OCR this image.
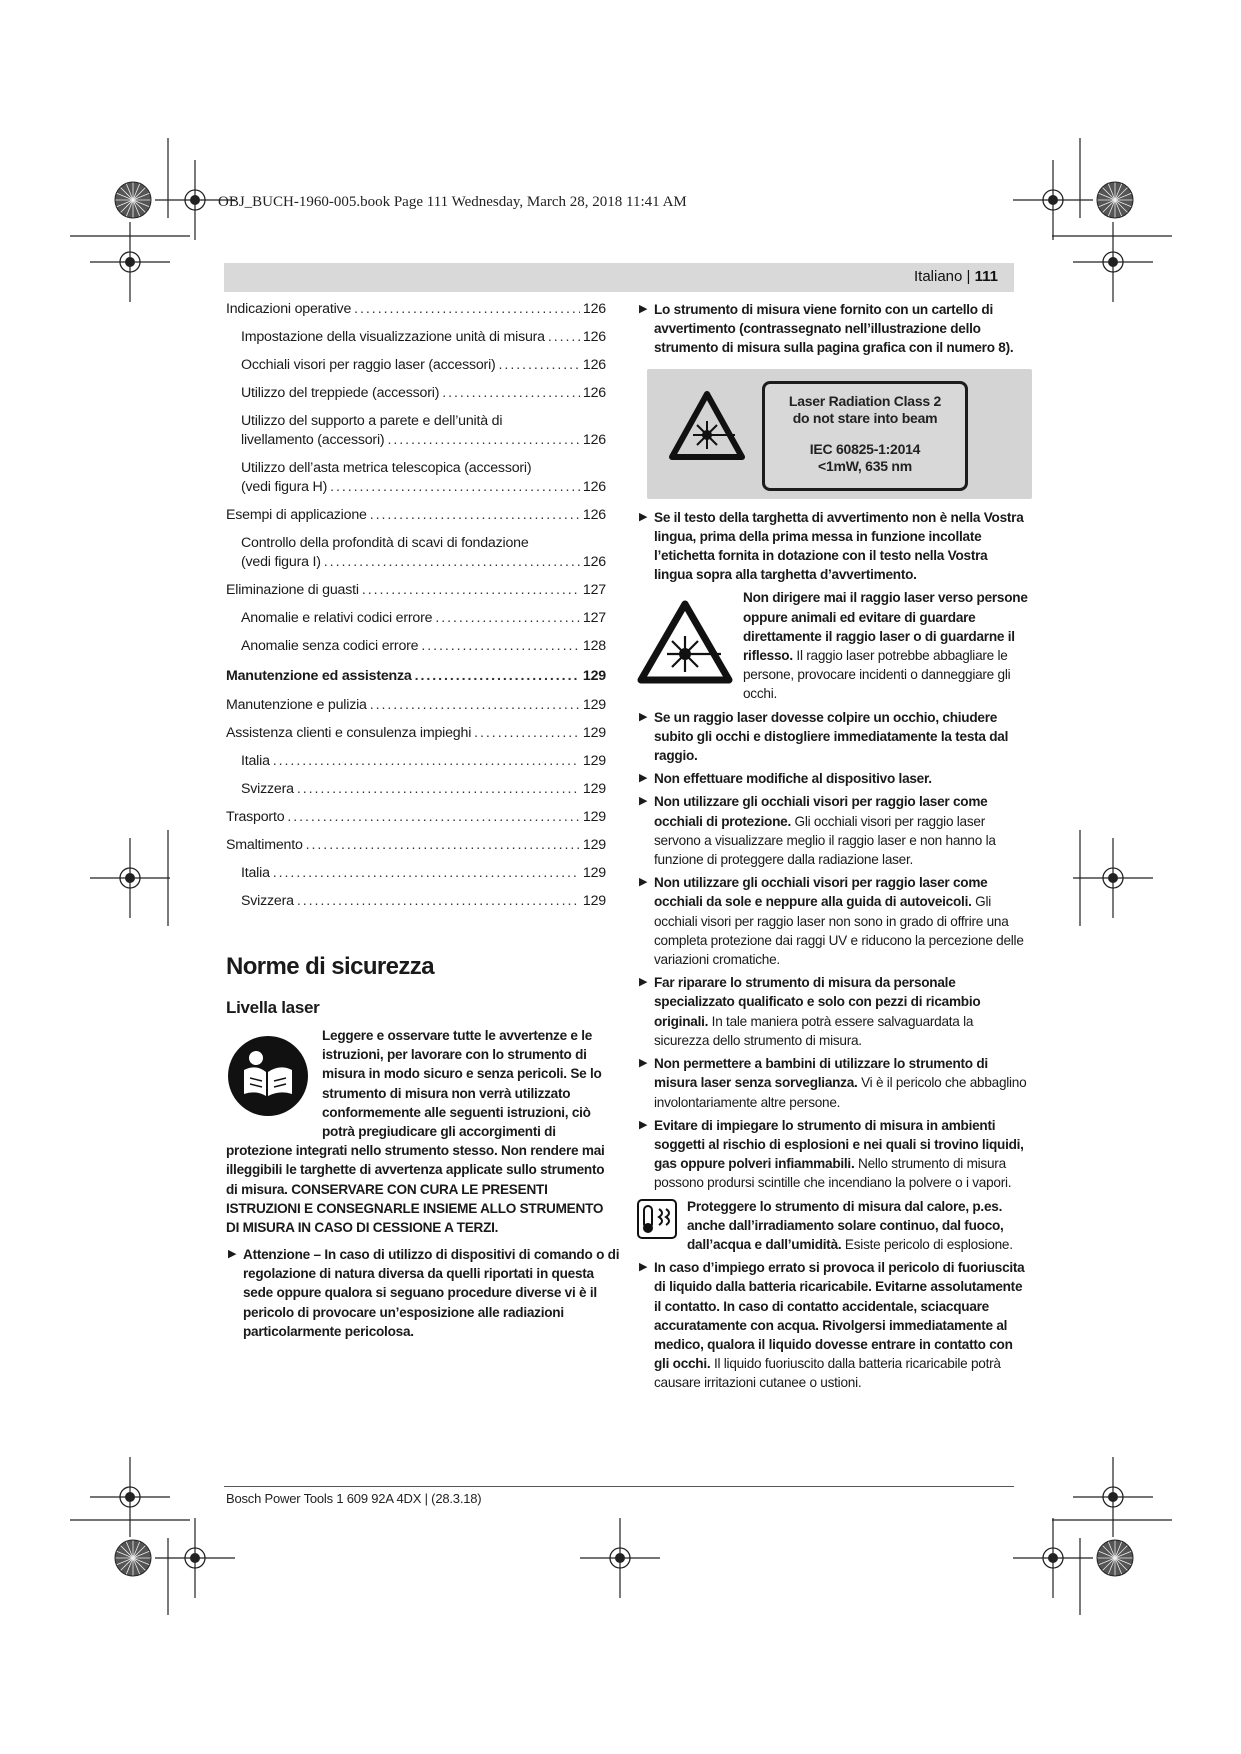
OBJ_BUCH-1960-005.book Page 111 Wednesday, March 28, 2018 11:41 AM
Italiano | 111
Indicazioni operative . . .	126
Impostazione della visualizzazione unità di misura . . .	126
Occhiali visori per raggio laser (accessori) . . .	126
Utilizzo del treppiede (accessori) . . .	126
Utilizzo del supporto a parete e dell’unità di
livellamento (accessori) . . .	126
Utilizzo dell’asta metrica telescopica (accessori)
(vedi figura H) . . .	126
Esempi di applicazione . . .	126
Controllo della profondità di scavi di fondazione
(vedi figura I) . . .	126
Eliminazione di guasti . . .	127
Anomalie e relativi codici errore . . .	127
Anomalie senza codici errore . . .	128
Manutenzione ed assistenza . . .	129
Manutenzione e pulizia . . .	129
Assistenza clienti e consulenza impieghi . . .	129
Italia . . .	129
Svizzera . . .	129
Trasporto . . .	129
Smaltimento . . .	129
Italia . . .	129
Svizzera . . .	129
Norme di sicurezza
Livella laser
Leggere e osservare tutte le avvertenze e le istruzioni, per lavorare con lo strumento di misura in modo sicuro e senza pericoli. Se lo strumento di misura non verrà utilizzato conformemente alle seguenti istruzioni, ciò potrà pregiudicare gli accorgimenti di protezione integrati nello strumento stesso. Non rendere mai illeggibili le targhette di avvertenza applicate sullo strumento di misura. CONSERVARE CON CURA LE PRESENTI ISTRUZIONI E CONSEGNARLE INSIEME ALLO STRUMENTO DI MISURA IN CASO DI CESSIONE A TERZI.
▶ Attenzione – In caso di utilizzo di dispositivi di comando o di regolazione di natura diversa da quelli riportati in questa sede oppure qualora si seguano procedure diverse vi è il pericolo di provocare un’esposizione alle radiazioni particolarmente pericolosa.
▶ Lo strumento di misura viene fornito con un cartello di avvertimento (contrassegnato nell’illustrazione dello strumento di misura sulla pagina grafica con il numero 8).
Laser Radiation Class 2
do not stare into beam
IEC 60825-1:2014
<1mW, 635 nm
▶ Se il testo della targhetta di avvertimento non è nella Vostra lingua, prima della prima messa in funzione incollate l’etichetta fornita in dotazione con il testo nella Vostra lingua sopra alla targhetta d’avvertimento.
Non dirigere mai il raggio laser verso persone oppure animali ed evitare di guardare direttamente il raggio laser o di guardarne il riflesso. Il raggio laser potrebbe abbagliare le persone, provocare incidenti o danneggiare gli occhi.
▶ Se un raggio laser dovesse colpire un occhio, chiudere subito gli occhi e distogliere immediatamente la testa dal raggio.
▶ Non effettuare modifiche al dispositivo laser.
▶ Non utilizzare gli occhiali visori per raggio laser come occhiali di protezione. Gli occhiali visori per raggio laser servono a visualizzare meglio il raggio laser e non hanno la funzione di proteggere dalla radiazione laser.
▶ Non utilizzare gli occhiali visori per raggio laser come occhiali da sole e neppure alla guida di autoveicoli. Gli occhiali visori per raggio laser non sono in grado di offrire una completa protezione dai raggi UV e riducono la percezione delle variazioni cromatiche.
▶ Far riparare lo strumento di misura da personale specializzato qualificato e solo con pezzi di ricambio originali. In tale maniera potrà essere salvaguardata la sicurezza dello strumento di misura.
▶ Non permettere a bambini di utilizzare lo strumento di misura laser senza sorveglianza. Vi è il pericolo che abbaglino involontariamente altre persone.
▶ Evitare di impiegare lo strumento di misura in ambienti soggetti al rischio di esplosioni e nei quali si trovino liquidi, gas oppure polveri infiammabili. Nello strumento di misura possono prodursi scintille che incendiano la polvere o i vapori.
Proteggere lo strumento di misura dal calore, p.es. anche dall’irradiamento solare continuo, dal fuoco, dall’acqua e dall’umidità. Esiste pericolo di esplosione.
▶ In caso d’impiego errato si provoca il pericolo di fuoriuscita di liquido dalla batteria ricaricabile. Evitarne assolutamente il contatto. In caso di contatto accidentale, sciacquare accuratamente con acqua. Rivolgersi immediatamente al medico, qualora il liquido dovesse entrare in contatto con gli occhi. Il liquido fuoriuscito dalla batteria ricaricabile potrà causare irritazioni cutanee o ustioni.
Bosch Power Tools 1 609 92A 4DX | (28.3.18)
